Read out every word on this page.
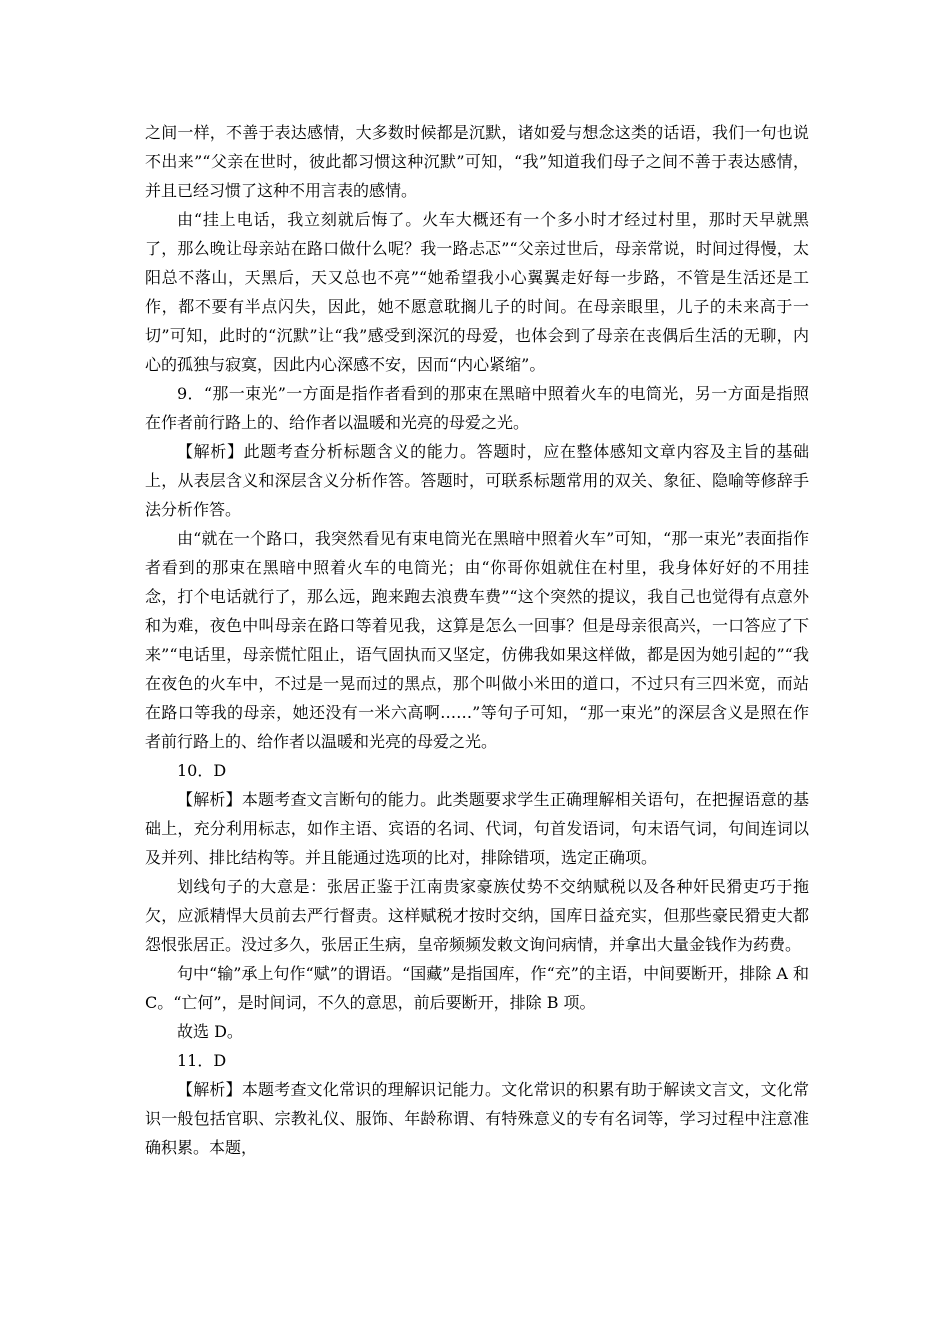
之间一样，不善于表达感情，大多数时候都是沉默，诸如爱与想念这类的话语，我们一句也说不出来”“父亲在世时，彼此都习惯这种沉默”可知，“我”知道我们母子之间不善于表达感情，并且已经习惯了这种不用言表的感情。

由“挂上电话，我立刻就后悔了。火车大概还有一个多小时才经过村里，那时天早就黑了，那么晚让母亲站在路口做什么呢？我一路忐忑”“父亲过世后，母亲常说，时间过得慢，太阳总不落山，天黑后，天又总也不亮”“她希望我小心翼翼走好每一步路，不管是生活还是工作，都不要有半点闪失，因此，她不愿意耽搁儿子的时间。在母亲眼里，儿子的未来高于一切”可知，此时的“沉默”让“我”感受到深沉的母爱，也体会到了母亲在丧偶后生活的无聊，内心的孤独与寂寞，因此内心深感不安，因而“内心紧缩”。

9．“那一束光”一方面是指作者看到的那束在黑暗中照着火车的电筒光，另一方面是指照在作者前行路上的、给作者以温暖和光亮的母爱之光。

【解析】此题考查分析标题含义的能力。答题时，应在整体感知文章内容及主旨的基础上，从表层含义和深层含义分析作答。答题时，可联系标题常用的双关、象征、隐喻等修辞手法分析作答。

由“就在一个路口，我突然看见有束电筒光在黑暗中照着火车”可知，“那一束光”表面指作者看到的那束在黑暗中照着火车的电筒光；由“你哥你姐就住在村里，我身体好好的不用挂念，打个电话就行了，那么远，跑来跑去浪费车费”“这个突然的提议，我自己也觉得有点意外和为难，夜色中叫母亲在路口等着见我，这算是怎么一回事？但是母亲很高兴，一口答应了下来”“电话里，母亲慌忙阻止，语气固执而又坚定，仿佛我如果这样做，都是因为她引起的”“我在夜色的火车中，不过是一晃而过的黑点，那个叫做小米田的道口，不过只有三四米宽，而站在路口等我的母亲，她还没有一米六高啊……”等句子可知，“那一束光”的深层含义是照在作者前行路上的、给作者以温暖和光亮的母爱之光。

10．D

【解析】本题考查文言断句的能力。此类题要求学生正确理解相关语句，在把握语意的基础上，充分利用标志，如作主语、宾语的名词、代词，句首发语词，句末语气词，句间连词以及并列、排比结构等。并且能通过选项的比对，排除错项，选定正确项。

划线句子的大意是：张居正鉴于江南贵家豪族仗势不交纳赋税以及各种奸民猾吏巧于拖欠，应派精悍大员前去严行督责。这样赋税才按时交纳，国库日益充实，但那些豪民猾吏大都怨恨张居正。没过多久，张居正生病，皇帝频频发敕文询问病情，并拿出大量金钱作为药费。

句中“输”承上句作“赋”的谓语。“国藏”是指国库，作“充”的主语，中间要断开，排除 A 和 C。“亡何”，是时间词，不久的意思，前后要断开，排除 B 项。

故选 D。

11．D

【解析】本题考查文化常识的理解识记能力。文化常识的积累有助于解读文言文，文化常识一般包括官职、宗教礼仪、服饰、年龄称谓、有特殊意义的专有名词等，学习过程中注意准确积累。本题，
